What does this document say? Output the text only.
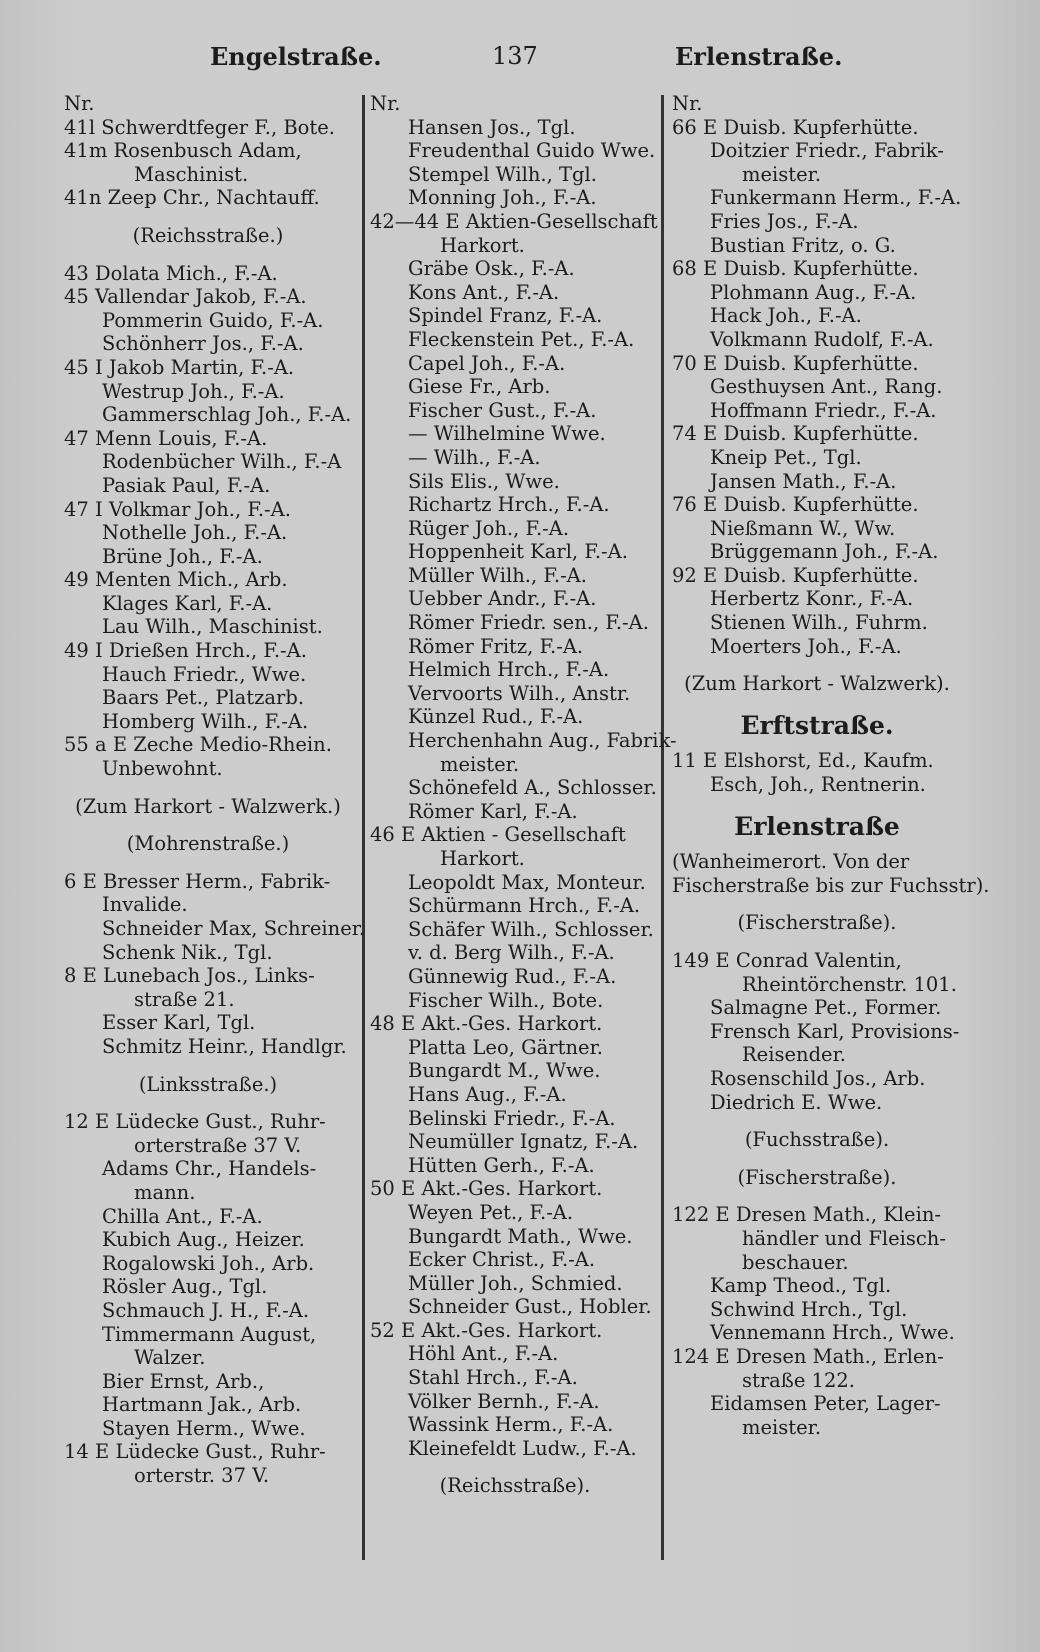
Engelstraße.	137	Erlenstraße.
Nr.
41l Schwerdtfeger F., Bote.
41m Rosenbusch Adam,
Maschinist.
41n Zeep Chr., Nachtauff.
(Reichsstraße.)
43 Dolata Mich., F.-A.
45 Vallendar Jakob, F.-A.
Pommerin Guido, F.-A.
Schönherr Jos., F.-A.
45 I Jakob Martin, F.-A.
Westrup Joh., F.-A.
Gammerschlag Joh., F.-A.
47 Menn Louis, F.-A.
Rodenbücher Wilh., F.-A
Pasiak Paul, F.-A.
47 I Volkmar Joh., F.-A.
Nothelle Joh., F.-A.
Brüne Joh., F.-A.
49 Menten Mich., Arb.
Klages Karl, F.-A.
Lau Wilh., Maschinist.
49 I Drießen Hrch., F.-A.
Hauch Friedr., Wwe.
Baars Pet., Platzarb.
Homberg Wilh., F.-A.
55 a E Zeche Medio-Rhein.
Unbewohnt.
(Zum Harkort - Walzwerk.)
(Mohrenstraße.)
6 E Bresser Herm., Fabrik-
Invalide.
Schneider Max, Schreiner.
Schenk Nik., Tgl.
8 E Lunebach Jos., Links-
straße 21.
Esser Karl, Tgl.
Schmitz Heinr., Handlgr.
(Linksstraße.)
12 E Lüdecke Gust., Ruhr-
orterstraße 37 V.
Adams Chr., Handels-
mann.
Chilla Ant., F.-A.
Kubich Aug., Heizer.
Rogalowski Joh., Arb.
Rösler Aug., Tgl.
Schmauch J. H., F.-A.
Timmermann August,
Walzer.
Bier Ernst, Arb.,
Hartmann Jak., Arb.
Stayen Herm., Wwe.
14 E Lüdecke Gust., Ruhr-
orterstr. 37 V.
Nr.
Hansen Jos., Tgl.
Freudenthal Guido Wwe.
Stempel Wilh., Tgl.
Monning Joh., F.-A.
42—44 E Aktien-Gesellschaft
Harkort.
Gräbe Osk., F.-A.
Kons Ant., F.-A.
Spindel Franz, F.-A.
Fleckenstein Pet., F.-A.
Capel Joh., F.-A.
Giese Fr., Arb.
Fischer Gust., F.-A.
— Wilhelmine Wwe.
— Wilh., F.-A.
Sils Elis., Wwe.
Richartz Hrch., F.-A.
Rüger Joh., F.-A.
Hoppenheit Karl, F.-A.
Müller Wilh., F.-A.
Uebber Andr., F.-A.
Römer Friedr. sen., F.-A.
Römer Fritz, F.-A.
Helmich Hrch., F.-A.
Vervoorts Wilh., Anstr.
Künzel Rud., F.-A.
Herchenhahn Aug., Fabrik-
meister.
Schönefeld A., Schlosser.
Römer Karl, F.-A.
46 E Aktien - Gesellschaft
Harkort.
Leopoldt Max, Monteur.
Schürmann Hrch., F.-A.
Schäfer Wilh., Schlosser.
v. d. Berg Wilh., F.-A.
Günnewig Rud., F.-A.
Fischer Wilh., Bote.
48 E Akt.-Ges. Harkort.
Platta Leo, Gärtner.
Bungardt M., Wwe.
Hans Aug., F.-A.
Belinski Friedr., F.-A.
Neumüller Ignatz, F.-A.
Hütten Gerh., F.-A.
50 E Akt.-Ges. Harkort.
Weyen Pet., F.-A.
Bungardt Math., Wwe.
Ecker Christ., F.-A.
Müller Joh., Schmied.
Schneider Gust., Hobler.
52 E Akt.-Ges. Harkort.
Höhl Ant., F.-A.
Stahl Hrch., F.-A.
Völker Bernh., F.-A.
Wassink Herm., F.-A.
Kleinefeldt Ludw., F.-A.
(Reichsstraße).
Nr.
66 E Duisb. Kupferhütte.
Doitzier Friedr., Fabrik-
meister.
Funkermann Herm., F.-A.
Fries Jos., F.-A.
Bustian Fritz, o. G.
68 E Duisb. Kupferhütte.
Plohmann Aug., F.-A.
Hack Joh., F.-A.
Volkmann Rudolf, F.-A.
70 E Duisb. Kupferhütte.
Gesthuysen Ant., Rang.
Hoffmann Friedr., F.-A.
74 E Duisb. Kupferhütte.
Kneip Pet., Tgl.
Jansen Math., F.-A.
76 E Duisb. Kupferhütte.
Nießmann W., Ww.
Brüggemann Joh., F.-A.
92 E Duisb. Kupferhütte.
Herbertz Konr., F.-A.
Stienen Wilh., Fuhrm.
Moerters Joh., F.-A.
(Zum Harkort - Walzwerk).
Erftstraße.
11 E Elshorst, Ed., Kaufm.
Esch, Joh., Rentnerin.
Erlenstraße
(Wanheimerort. Von der
Fischerstraße bis zur Fuchsstr).
(Fischerstraße).
149 E Conrad Valentin,
Rheintörchenstr. 101.
Salmagne Pet., Former.
Frensch Karl, Provisions-
Reisender.
Rosenschild Jos., Arb.
Diedrich E. Wwe.
(Fuchsstraße).
(Fischerstraße).
122 E Dresen Math., Klein-
händler und Fleisch-
beschauer.
Kamp Theod., Tgl.
Schwind Hrch., Tgl.
Vennemann Hrch., Wwe.
124 E Dresen Math., Erlen-
straße 122.
Eidamsen Peter, Lager-
meister.
